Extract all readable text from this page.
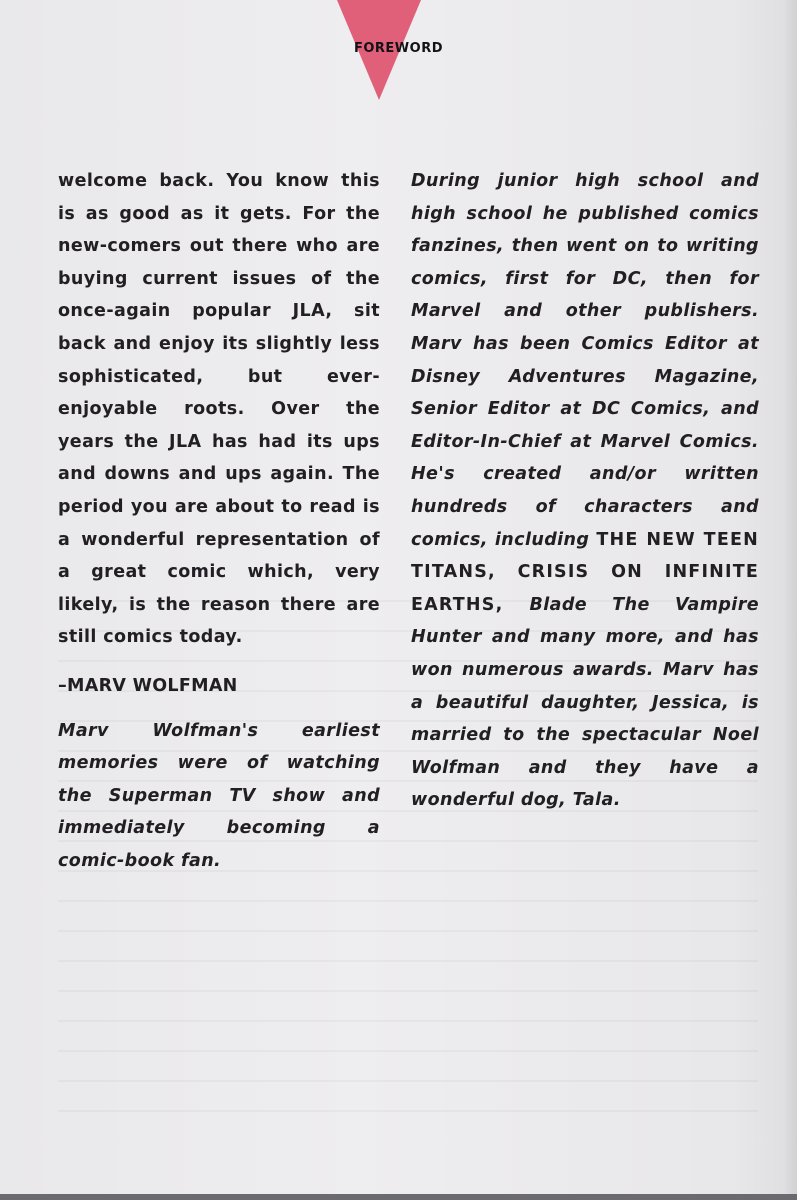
FOREWORD

welcome back. You know this is as good as it gets. For the new-comers out there who are buying current issues of the once-again popular JLA, sit back and enjoy its slightly less sophisticated, but ever-enjoyable roots. Over the years the JLA has had its ups and downs and ups again. The period you are about to read is a wonderful representation of a great comic which, very likely, is the reason there are still comics today.

–MARV WOLFMAN

Marv Wolfman's earliest memories were of watching the Superman TV show and immediately becoming a comic-book fan.

During junior high school and high school he published comics fanzines, then went on to writing comics, first for DC, then for Marvel and other publishers. Marv has been Comics Editor at Disney Adventures Magazine, Senior Editor at DC Comics, and Editor-In-Chief at Marvel Comics. He's created and/or written hundreds of characters and comics, including THE NEW TEEN TITANS, CRISIS ON INFINITE EARTHS, Blade The Vampire Hunter and many more, and has won numerous awards. Marv has a beautiful daughter, Jessica, is married to the spectacular Noel Wolfman and they have a wonderful dog, Tala.
